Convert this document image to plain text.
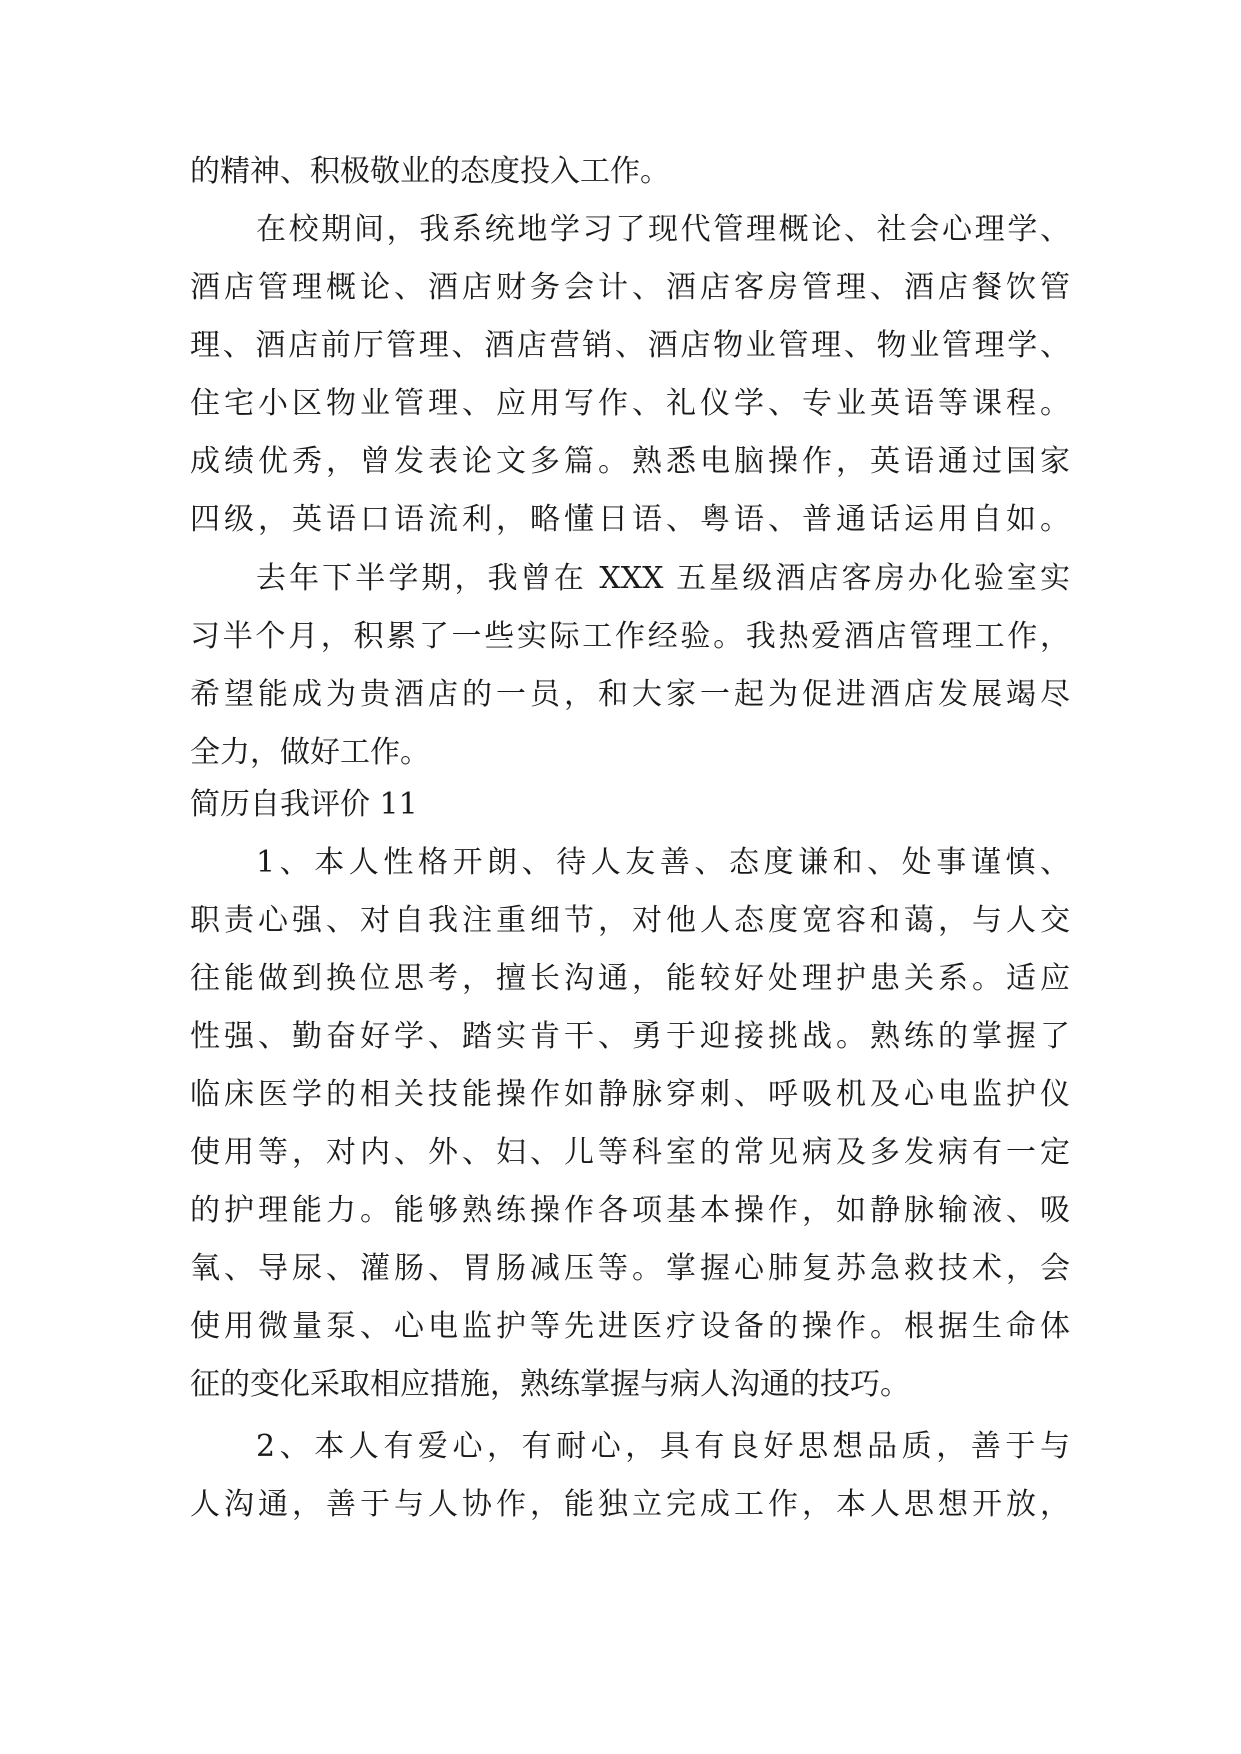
的精神、积极敬业的态度投入工作。
在校期间，我系统地学习了现代管理概论、社会心理学、
酒店管理概论、酒店财务会计、酒店客房管理、酒店餐饮管
理、酒店前厅管理、酒店营销、酒店物业管理、物业管理学、
住宅小区物业管理、应用写作、礼仪学、专业英语等课程。
成绩优秀，曾发表论文多篇。熟悉电脑操作，英语通过国家
四级，英语口语流利，略懂日语、粤语、普通话运用自如。
去年下半学期，我曾在 XXX 五星级酒店客房办化验室实
习半个月，积累了一些实际工作经验。我热爱酒店管理工作，
希望能成为贵酒店的一员，和大家一起为促进酒店发展竭尽
全力，做好工作。
简历自我评价 11
1、本人性格开朗、待人友善、态度谦和、处事谨慎、
职责心强、对自我注重细节，对他人态度宽容和蔼，与人交
往能做到换位思考，擅长沟通，能较好处理护患关系。适应
性强、勤奋好学、踏实肯干、勇于迎接挑战。熟练的掌握了
临床医学的相关技能操作如静脉穿刺、呼吸机及心电监护仪
使用等，对内、外、妇、儿等科室的常见病及多发病有一定
的护理能力。能够熟练操作各项基本操作，如静脉输液、吸
氧、导尿、灌肠、胃肠减压等。掌握心肺复苏急救技术，会
使用微量泵、心电监护等先进医疗设备的操作。根据生命体
征的变化采取相应措施，熟练掌握与病人沟通的技巧。
2、本人有爱心，有耐心，具有良好思想品质，善于与
人沟通，善于与人协作，能独立完成工作，本人思想开放，
